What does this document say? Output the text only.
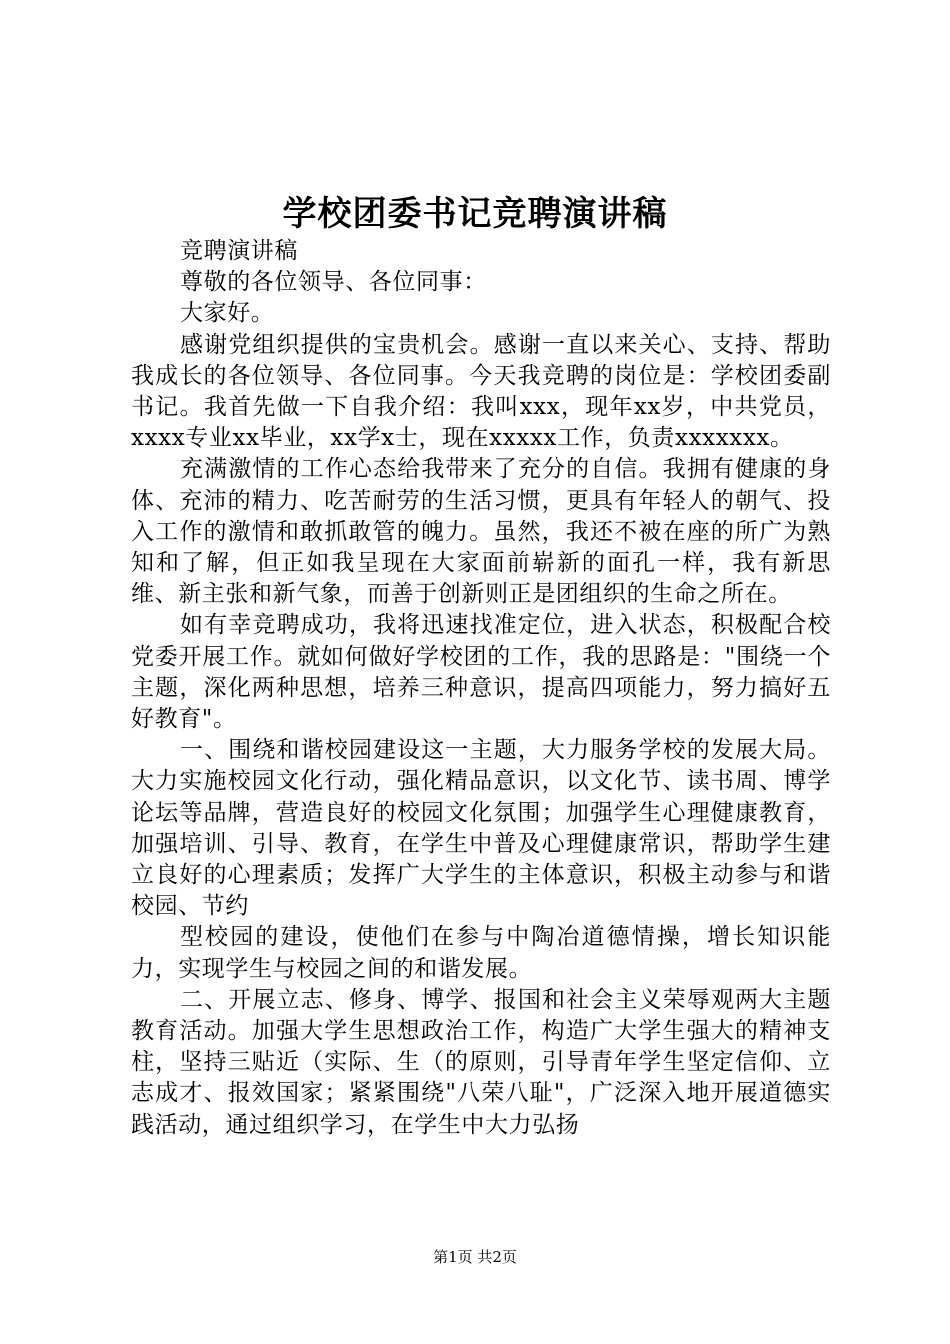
学校团委书记竞聘演讲稿

竞聘演讲稿

尊敬的各位领导、各位同事：

大家好。

感谢党组织提供的宝贵机会。感谢一直以来关心、支持、帮助我成长的各位领导、各位同事。今天我竞聘的岗位是：学校团委副书记。我首先做一下自我介绍：我叫xxx，现年xx岁，中共党员，xxxx专业xx毕业，xx学x士，现在xxxxx工作，负责xxxxxxx。

充满激情的工作心态给我带来了充分的自信。我拥有健康的身体、充沛的精力、吃苦耐劳的生活习惯，更具有年轻人的朝气、投入工作的激情和敢抓敢管的魄力。虽然，我还不被在座的所广为熟知和了解，但正如我呈现在大家面前崭新的面孔一样，我有新思维、新主张和新气象，而善于创新则正是团组织的生命之所在。

如有幸竞聘成功，我将迅速找准定位，进入状态，积极配合校党委开展工作。就如何做好学校团的工作，我的思路是："围绕一个主题，深化两种思想，培养三种意识，提高四项能力，努力搞好五好教育"。

一、围绕和谐校园建设这一主题，大力服务学校的发展大局。大力实施校园文化行动，强化精品意识，以文化节、读书周、博学论坛等品牌，营造良好的校园文化氛围；加强学生心理健康教育，加强培训、引导、教育，在学生中普及心理健康常识，帮助学生建立良好的心理素质；发挥广大学生的主体意识，积极主动参与和谐校园、节约

型校园的建设，使他们在参与中陶冶道德情操，增长知识能力，实现学生与校园之间的和谐发展。

二、开展立志、修身、博学、报国和社会主义荣辱观两大主题教育活动。加强大学生思想政治工作，构造广大学生强大的精神支柱，坚持三贴近（实际、生（的原则，引导青年学生坚定信仰、立志成才、报效国家；紧紧围绕"八荣八耻"，广泛深入地开展道德实践活动，通过组织学习，在学生中大力弘扬

第1页 共2页
